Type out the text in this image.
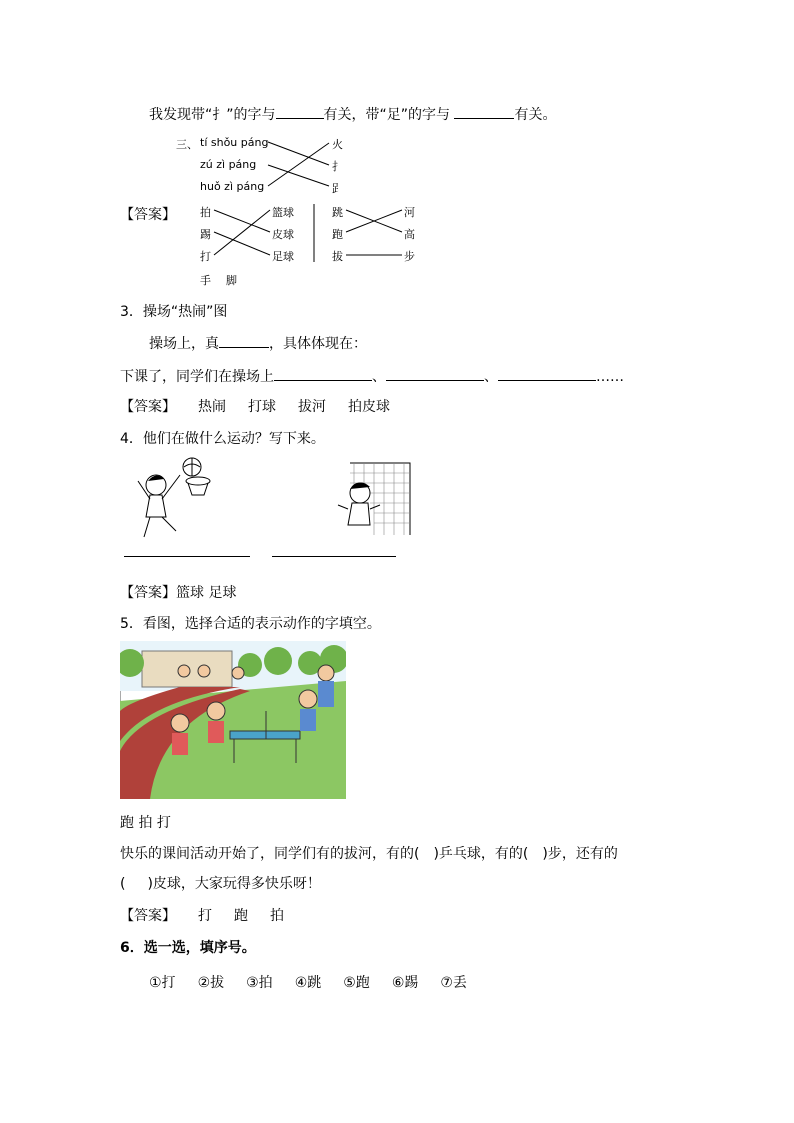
我发现带“扌”的字与	有关，带“足”的字与	有关。
三、 tí shǒu páng
zú zì páng
huǒ zì páng
火
扌
𧾷
【答案】 拍
踢
打
篮球
皮球
足球
跳
跑
拔
河
高
步
手 脚
3．操场“热闹”图
操场上，真	，具体体现在：
下课了，同学们在操场上	、	、	……
【答案】 热闹 打球 拔河 拍皮球
4．他们在做什么运动？写下来。
【答案】篮球 足球
5．看图，选择合适的表示动作的字填空。
跑 拍 打
快乐的课间活动开始了，同学们有的拔河，有的( )乒乓球，有的( )步，还有的
( )皮球，大家玩得多快乐呀！
【答案】 打 跑 拍
6．选一选，填序号。
①打 ②拔 ③拍 ④跳 ⑤跑 ⑥踢 ⑦丢
